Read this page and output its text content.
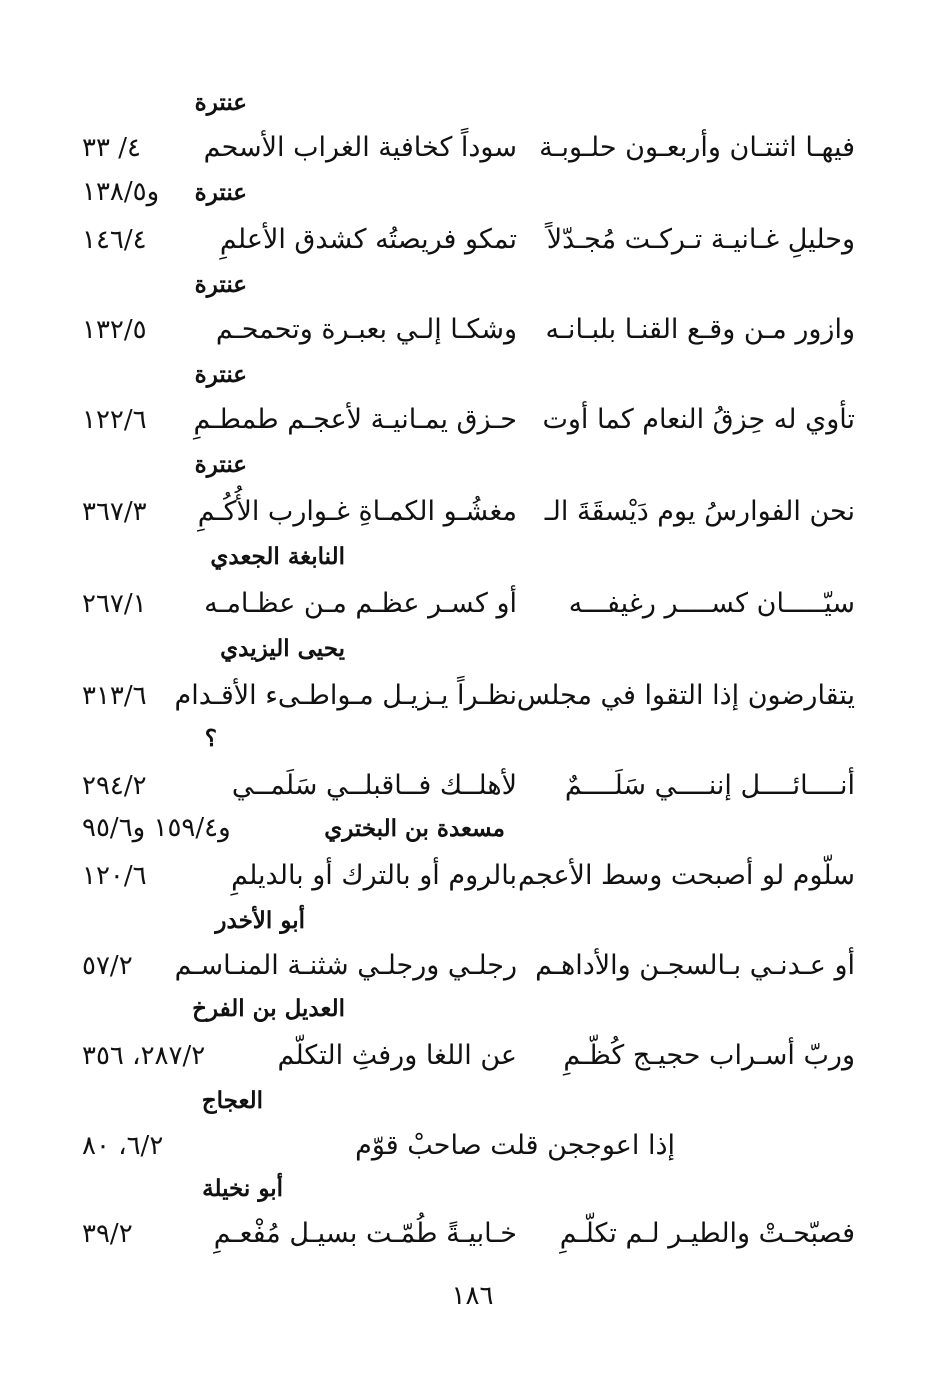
عنترة
فيهـا اثنتـان وأربعـون حلـوبـة
سوداً كخافية الغراب الأسحم
٤/ ٣٣
عنترة
و١٣٨/٥
وحليلِ غـانيـة تـركـت مُجـدّلاً
تمكو فريصتُه كشدق الأعلمِ
١٤٦/٤
عنترة
وازور مـن وقـع القنـا بلبـانـه
وشكـا إلـي بعبـرة وتحمحـم
١٣٢/٥
عنترة
تأوي له حِزقُ النعام كما أوت
حـزق يمـانيـة لأعجـم طمطـمِ
١٢٢/٦
عنترة
نحن الفوارسُ يوم دَيْسقَةَ الـ
مغشُـو الكمـاةِ غـوارب الأُكُـمِ
٣٦٧/٣
النابغة الجعدي
سيّـــــان كســــر رغيفـــه
أو كسـر عظـم مـن عظـامـه
٢٦٧/١
يحيى اليزيدي
يتقارضون إذا التقوا في مجلس
نظـراً يـزيـل مـواطـىء الأقـدام
٣١٣/٦
؟
أنــــائــــل إننــــي سَلَــــمٌ
لأهلــك فــاقبلــي سَلَمــي
٢٩٤/٢
مسعدة بن البختري
و١٥٩/٤ و٩٥/٦
سلّوم لو أصبحت وسط الأعجم
بالروم أو بالترك أو بالديلمِ
١٢٠/٦
أبو الأخدر
أو عـدنـي بـالسجـن والأداهـم
رجلـي ورجلـي شثنـة المنـاسـم
٥٧/٢
العديل بن الفرخ
وربّ أسـراب حجيـج كُظّـمِ
عن اللغا ورفثِ التكلّم
٢٨٧/٢، ٣٥٦
العجاج
إذا اعوججن قلت صاحبْ قوّم
٦/٢، ٨٠
أبو نخيلة
فصبّحـتْ والطيـر لـم تكلّـمِ
خـابيـةً طُمّـت بسيـل مُفْعـمِ
٣٩/٢
١٨٦
